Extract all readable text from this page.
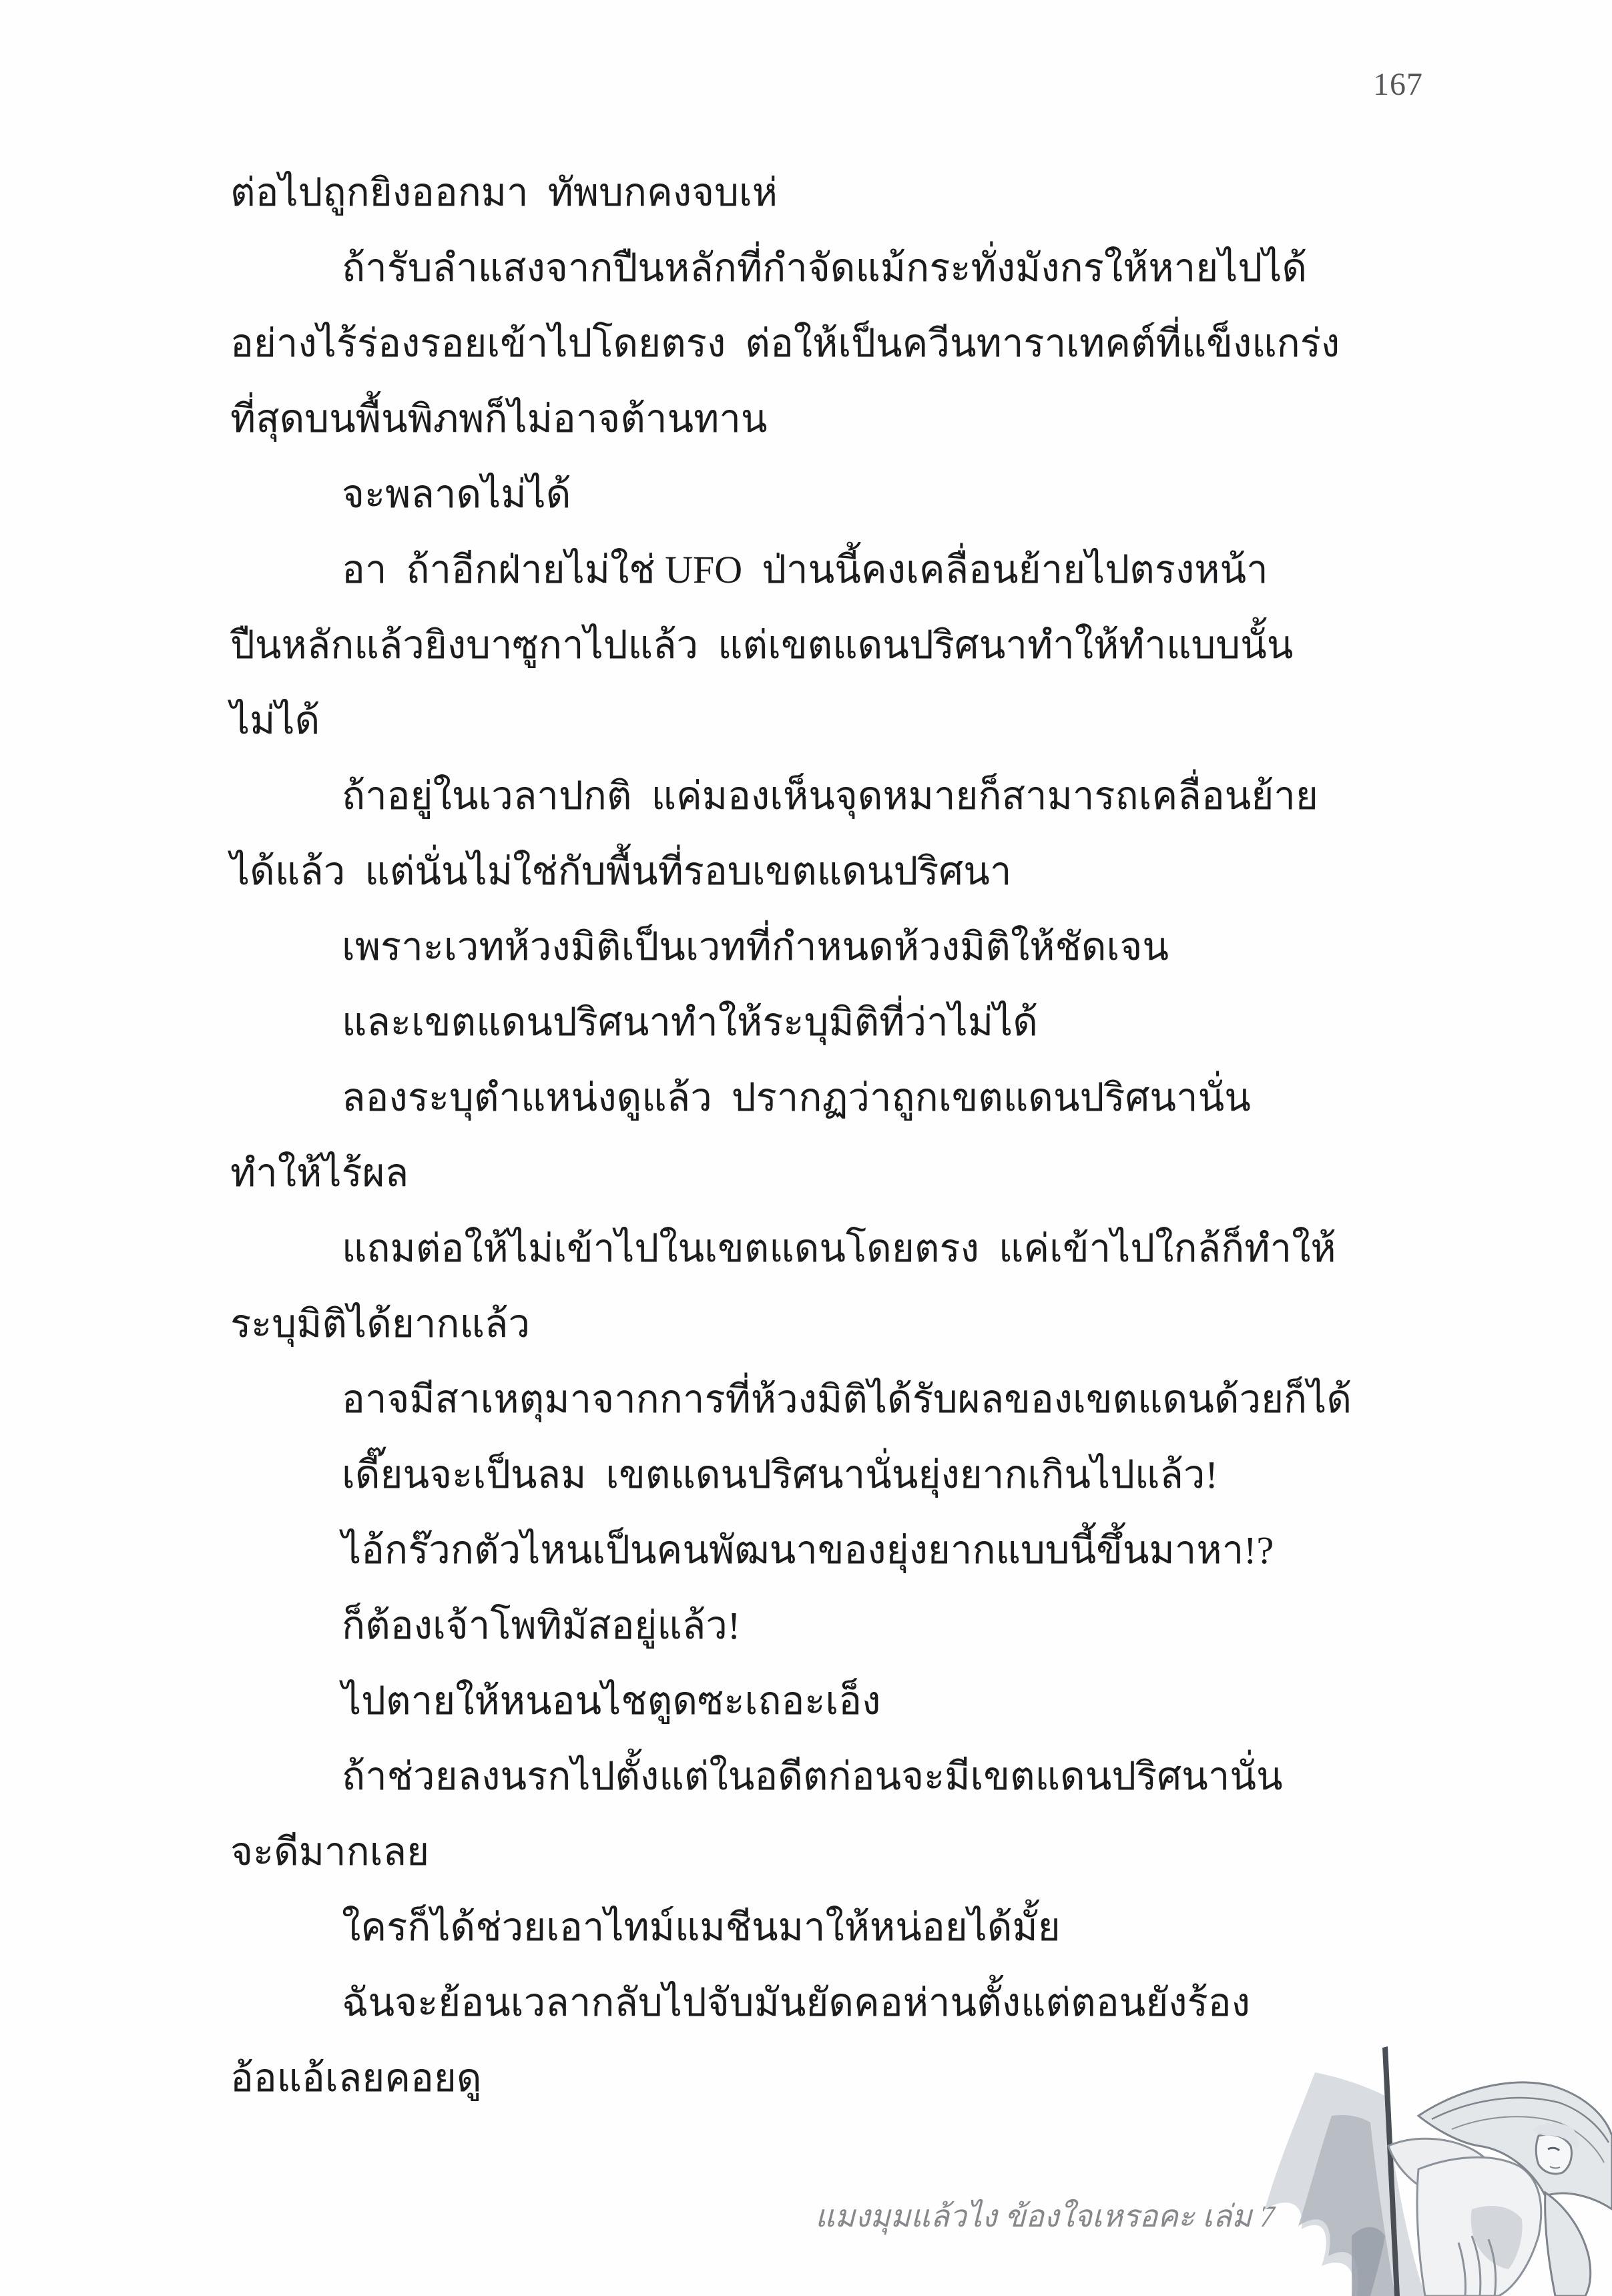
167
ต่อไปถูกยิงออกมา  ทัพบกคงจบเห่
ถ้ารับลำแสงจากปืนหลักที่กำจัดแม้กระทั่งมังกรให้หายไปได้
อย่างไร้ร่องรอยเข้าไปโดยตรง  ต่อให้เป็นควีนทาราเทคต์ที่แข็งแกร่ง
ที่สุดบนพื้นพิภพก็ไม่อาจต้านทาน
จะพลาดไม่ได้
อา  ถ้าอีกฝ่ายไม่ใช่ UFO  ป่านนี้คงเคลื่อนย้ายไปตรงหน้า
ปืนหลักแล้วยิงบาซูกาไปแล้ว  แต่เขตแดนปริศนาทำให้ทำแบบนั้น
ไม่ได้
ถ้าอยู่ในเวลาปกติ  แค่มองเห็นจุดหมายก็สามารถเคลื่อนย้าย
ได้แล้ว  แต่นั่นไม่ใช่กับพื้นที่รอบเขตแดนปริศนา
เพราะเวทห้วงมิติเป็นเวทที่กำหนดห้วงมิติให้ชัดเจน
และเขตแดนปริศนาทำให้ระบุมิติที่ว่าไม่ได้
ลองระบุตำแหน่งดูแล้ว  ปรากฏว่าถูกเขตแดนปริศนานั่น
ทำให้ไร้ผล
แถมต่อให้ไม่เข้าไปในเขตแดนโดยตรง  แค่เข้าไปใกล้ก็ทำให้
ระบุมิติได้ยากแล้ว
อาจมีสาเหตุมาจากการที่ห้วงมิติได้รับผลของเขตแดนด้วยก็ได้
เดี๊ยนจะเป็นลม  เขตแดนปริศนานั่นยุ่งยากเกินไปแล้ว!
ไอ้กร๊วกตัวไหนเป็นคนพัฒนาของยุ่งยากแบบนี้ขึ้นมาหา!?
ก็ต้องเจ้าโพทิมัสอยู่แล้ว!
ไปตายให้หนอนไชตูดซะเถอะเอ็ง
ถ้าช่วยลงนรกไปตั้งแต่ในอดีตก่อนจะมีเขตแดนปริศนานั่น
จะดีมากเลย
ใครก็ได้ช่วยเอาไทม์แมชีนมาให้หน่อยได้มั้ย
ฉันจะย้อนเวลากลับไปจับมันยัดคอห่านตั้งแต่ตอนยังร้อง
อ้อแอ้เลยคอยดู
แมงมุมแล้วไง ข้องใจเหรอคะ เล่ม 7
